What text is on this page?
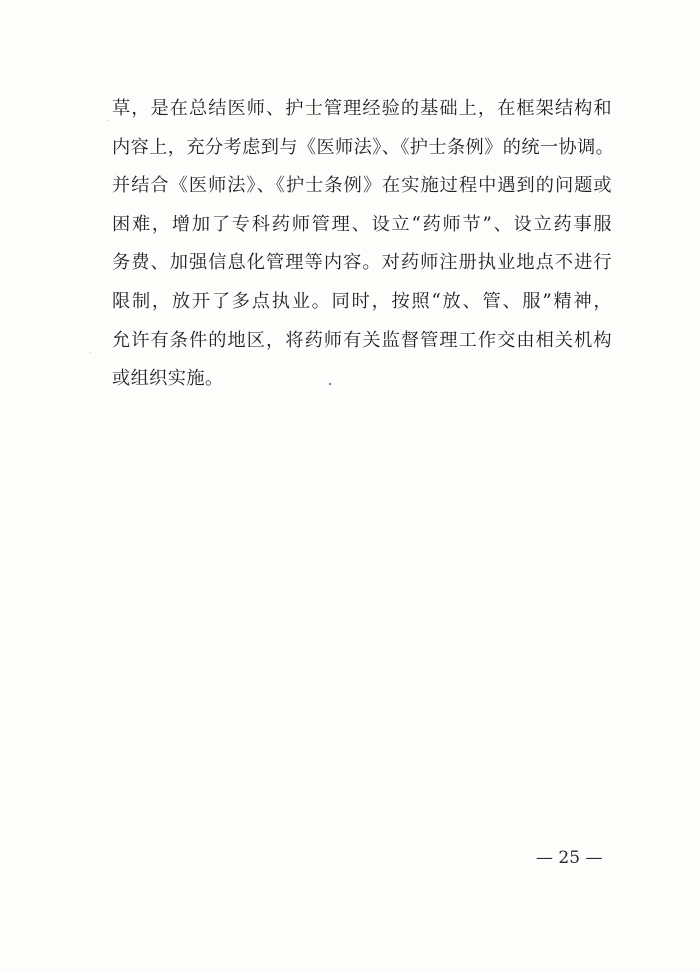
草，是在总结医师、护士管理经验的基础上，在框架结构和
内容上，充分考虑到与《医师法》、《护士条例》的统一协调。
并结合《医师法》、《护士条例》在实施过程中遇到的问题或
困难，增加了专科药师管理、设立“药师节”、设立药事服
务费、加强信息化管理等内容。对药师注册执业地点不进行
限制，放开了多点执业。同时，按照“放、管、服”精神，
允许有条件的地区，将药师有关监督管理工作交由相关机构
或组织实施。
— 25 —
